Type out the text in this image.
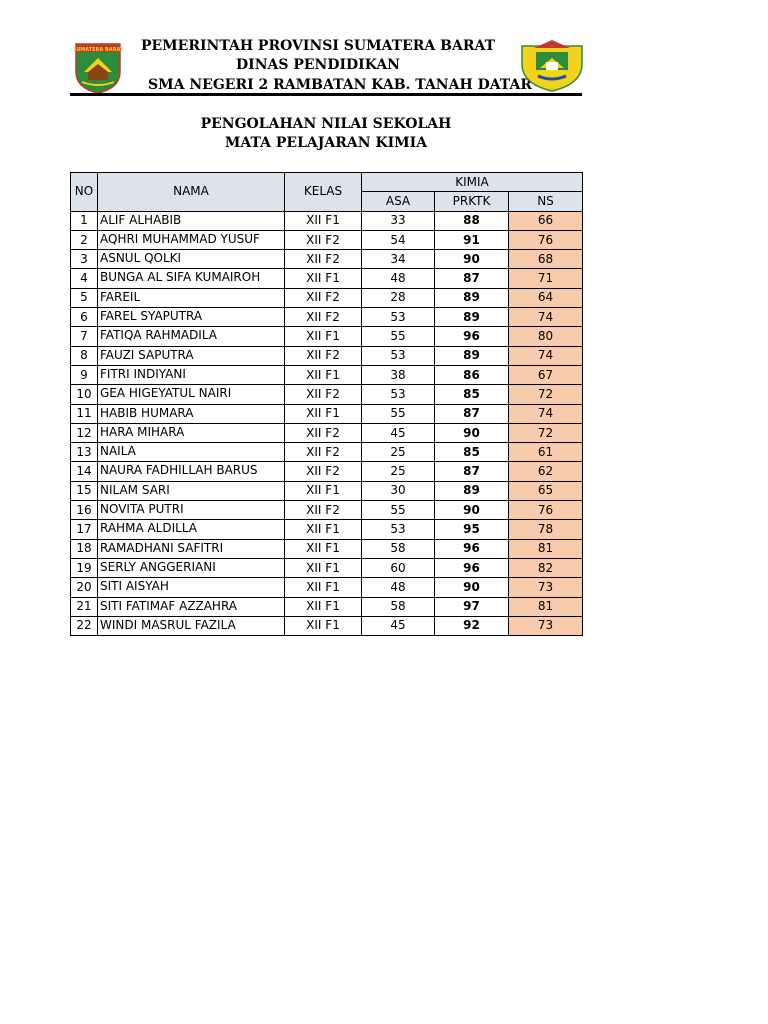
SUMATERA BARAT	PEMERINTAH PROVINSI SUMATERA BARAT
DINAS PENDIDIKAN
SMA NEGERI 2 RAMBATAN KAB. TANAH DATAR
PENGOLAHAN NILAI SEKOLAH
MATA PELAJARAN KIMIA
NO	NAMA	KELAS	KIMIA		
			ASA	PRKTK	NS
1	ALIF ALHABIB	XII F1	33	88	66
2	AQHRI MUHAMMAD YUSUF	XII F2	54	91	76
3	ASNUL QOLKI	XII F2	34	90	68
4	BUNGA AL SIFA KUMAIROH	XII F1	48	87	71
5	FAREIL	XII F2	28	89	64
6	FAREL SYAPUTRA	XII F2	53	89	74
7	FATIQA RAHMADILA	XII F1	55	96	80
8	FAUZI SAPUTRA	XII F2	53	89	74
9	FITRI INDIYANI	XII F1	38	86	67
10	GEA HIGEYATUL NAIRI	XII F2	53	85	72
11	HABIB HUMARA	XII F1	55	87	74
12	HARA MIHARA	XII F2	45	90	72
13	NAILA	XII F2	25	85	61
14	NAURA FADHILLAH BARUS	XII F2	25	87	62
15	NILAM SARI	XII F1	30	89	65
16	NOVITA PUTRI	XII F2	55	90	76
17	RAHMA ALDILLA	XII F1	53	95	78
18	RAMADHANI SAFITRI	XII F1	58	96	81
19	SERLY ANGGERIANI	XII F1	60	96	82
20	SITI AISYAH	XII F1	48	90	73
21	SITI FATIMAF AZZAHRA	XII F1	58	97	81
22	WINDI MASRUL FAZILA	XII F1	45	92	73
